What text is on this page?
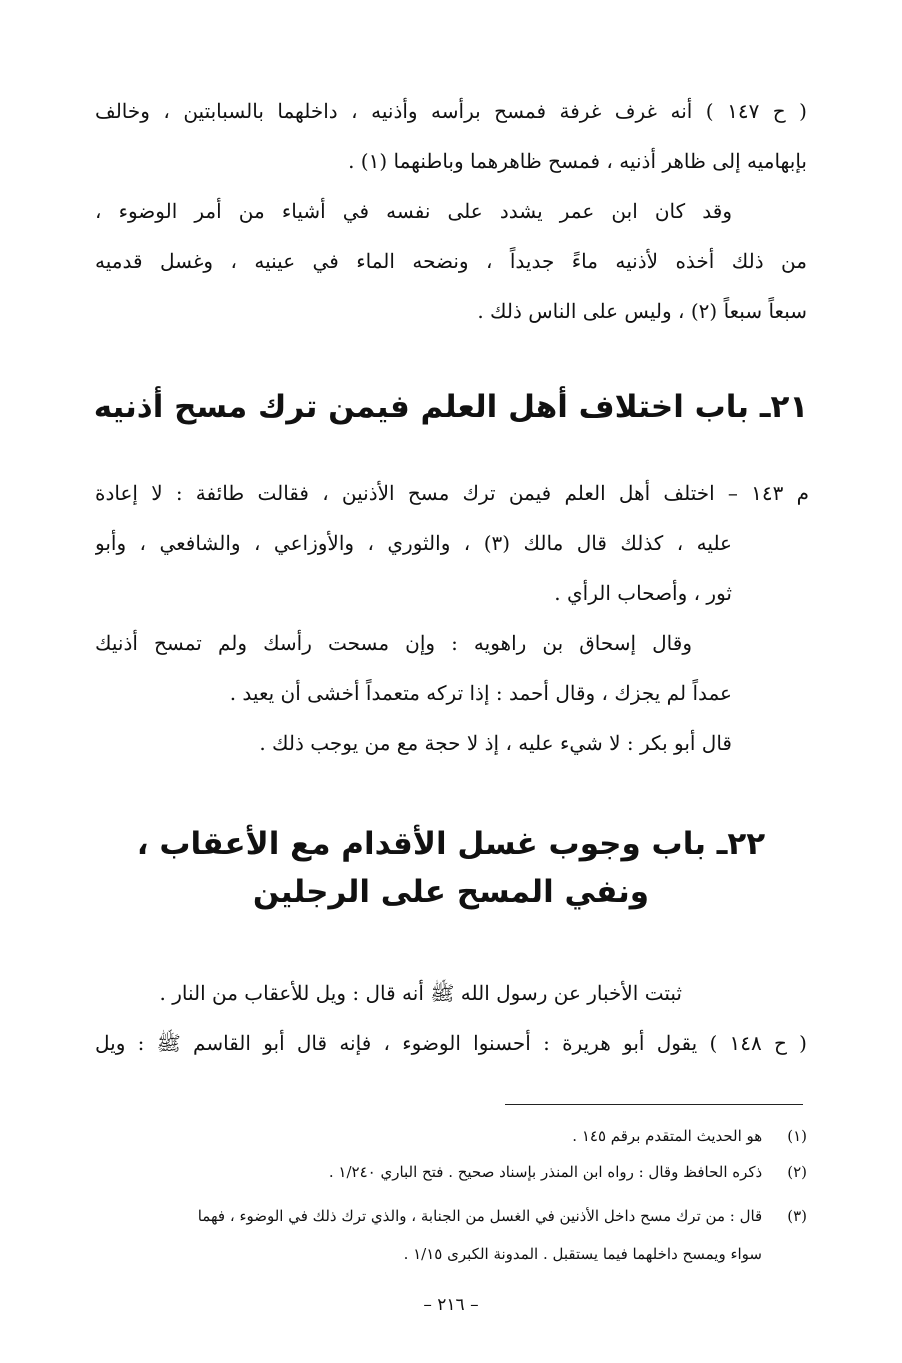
( ح ١٤٧ ) أنه غرف غرفة فمسح برأسه وأذنيه ، داخلهما بالسبابتين ، وخالف
بإبهاميه إلى ظاهر أذنيه ، فمسح ظاهرهما وباطنهما (١) .
وقد كان ابن عمر يشدد على نفسه في أشياء من أمر الوضوء ،
من ذلك أخذه لأذنيه ماءً جديداً ، ونضحه الماء في عينيه ، وغسل قدميه
سبعاً سبعاً (٢) ، وليس على الناس ذلك .
٢١ـ باب اختلاف أهل العلم فيمن ترك مسح أذنيه
م ١٤٣ – اختلف أهل العلم فيمن ترك مسح الأذنين ، فقالت طائفة : لا إعادة
عليه ، كذلك قال مالك (٣) ، والثوري ، والأوزاعي ، والشافعي ، وأبو
ثور ، وأصحاب الرأي .
وقال إسحاق بن راهويه : وإن مسحت رأسك ولم تمسح أذنيك
عمداً لم يجزك ، وقال أحمد : إذا تركه متعمداً أخشى أن يعيد .
قال أبو بكر : لا شيء عليه ، إذ لا حجة مع من يوجب ذلك .
٢٢ـ باب وجوب غسل الأقدام مع الأعقاب ،
ونفي المسح على الرجلين
ثبتت الأخبار عن رسول الله ﷺ أنه قال : ويل للأعقاب من النار .
( ح ١٤٨ ) يقول أبو هريرة : أحسنوا الوضوء ، فإنه قال أبو القاسم ﷺ : ويل
(١) هو الحديث المتقدم برقم ١٤٥ .
(٢) ذكره الحافظ وقال : رواه ابن المنذر بإسناد صحيح . فتح الباري ١/٢٤٠ .
(٣) قال : من ترك مسح داخل الأذنين في الغسل من الجنابة ، والذي ترك ذلك في الوضوء ، فهما
سواء ويمسح داخلهما فيما يستقبل . المدونة الكبرى ١/١٥ .
– ٢١٦ –
